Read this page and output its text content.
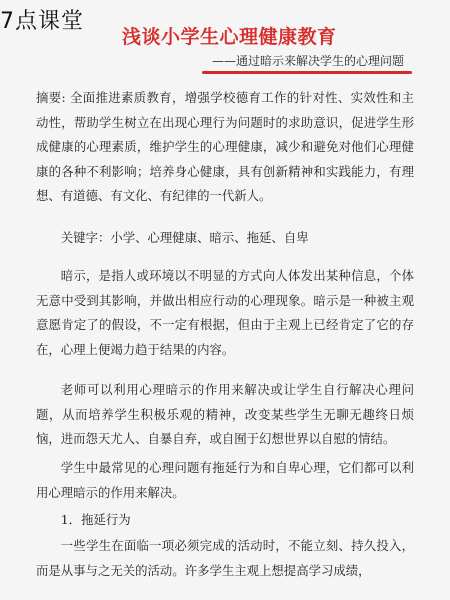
7点课堂
浅谈小学生心理健康教育
——通过暗示来解决学生的心理问题
摘要: 全面推进素质教育，增强学校德育工作的针对性、实效性和主动性，帮助学生树立在出现心理行为问题时的求助意识，促进学生形成健康的心理素质，维护学生的心理健康，减少和避免对他们心理健康的各种不利影响；培养身心健康，具有创新精神和实践能力，有理想、有道德、有文化、有纪律的一代新人。
关键字：小学、心理健康、暗示、拖延、自卑
暗示，是指人或环境以不明显的方式向人体发出某种信息，个体无意中受到其影响，并做出相应行动的心理现象。暗示是一种被主观意愿肯定了的假设，不一定有根据，但由于主观上已经肯定了它的存在，心理上便竭力趋于结果的内容。
老师可以利用心理暗示的作用来解决或让学生自行解决心理问题，从而培养学生积极乐观的精神，改变某些学生无聊无趣终日烦恼，进而怨天尤人、自暴自弃，或自囿于幻想世界以自慰的情结。
学生中最常见的心理问题有拖延行为和自卑心理，它们都可以利用心理暗示的作用来解决。
1．拖延行为
一些学生在面临一项必须完成的活动时，不能立刻、持久投入，而是从事与之无关的活动。许多学生主观上想提高学习成绩，
